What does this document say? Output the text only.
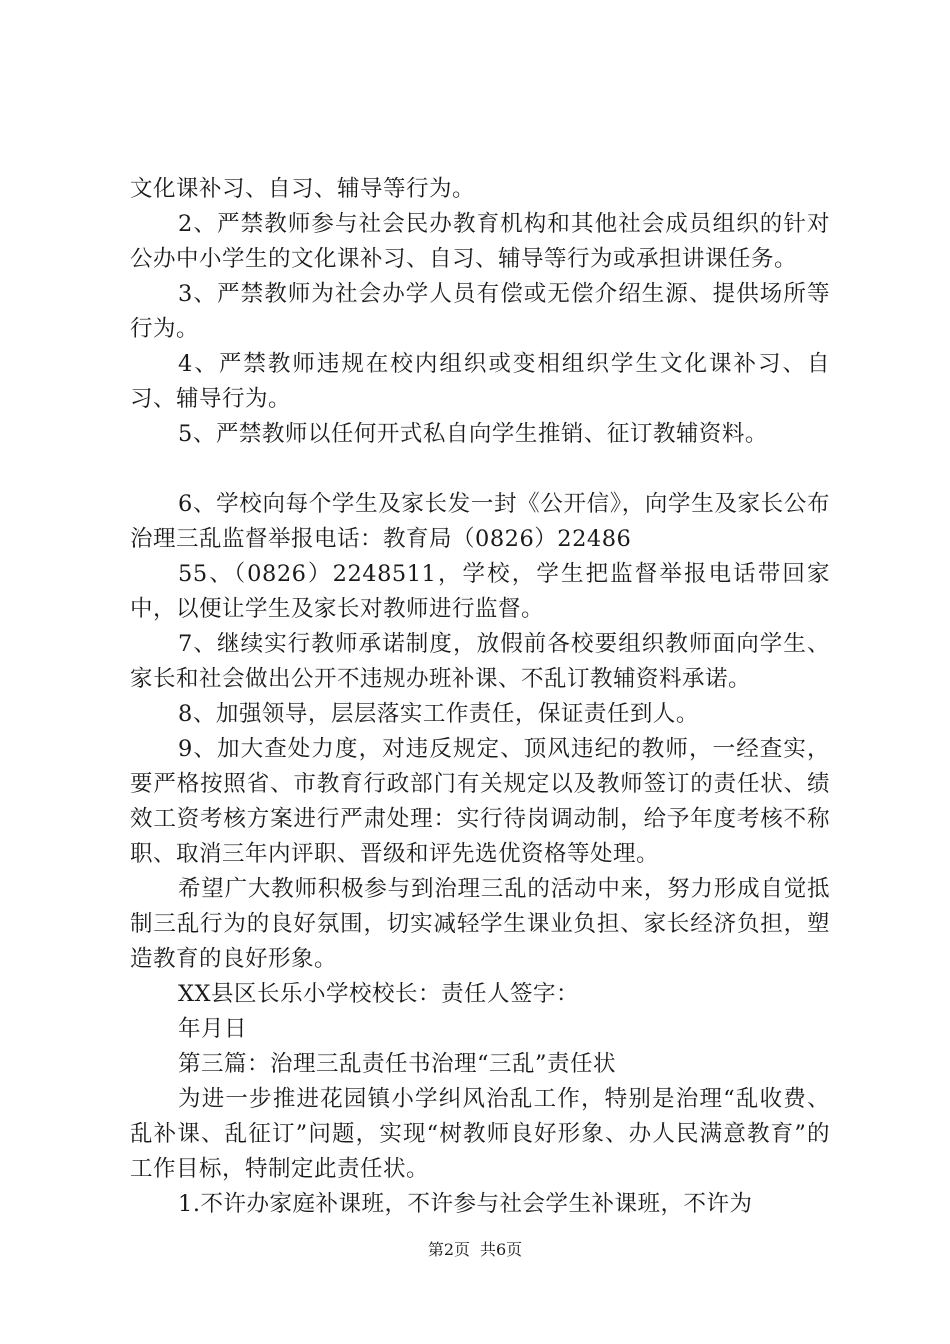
文化课补习、自习、辅导等行为。

2、严禁教师参与社会民办教育机构和其他社会成员组织的针对公办中小学生的文化课补习、自习、辅导等行为或承担讲课任务。

3、严禁教师为社会办学人员有偿或无偿介绍生源、提供场所等行为。

4、严禁教师违规在校内组织或变相组织学生文化课补习、自习、辅导行为。

5、严禁教师以任何开式私自向学生推销、征订教辅资料。

6、学校向每个学生及家长发一封《公开信》，向学生及家长公布治理三乱监督举报电话：教育局（0826）22486

55、（0826）2248511，学校，学生把监督举报电话带回家中，以便让学生及家长对教师进行监督。

7、继续实行教师承诺制度，放假前各校要组织教师面向学生、家长和社会做出公开不违规办班补课、不乱订教辅资料承诺。

8、加强领导，层层落实工作责任，保证责任到人。

9、加大查处力度，对违反规定、顶风违纪的教师，一经查实，要严格按照省、市教育行政部门有关规定以及教师签订的责任状、绩效工资考核方案进行严肃处理：实行待岗调动制，给予年度考核不称职、取消三年内评职、晋级和评先选优资格等处理。

希望广大教师积极参与到治理三乱的活动中来，努力形成自觉抵制三乱行为的良好氛围，切实减轻学生课业负担、家长经济负担，塑造教育的良好形象。

XX县区长乐小学校校长：责任人签字：

年月日

第三篇：治理三乱责任书治理“三乱”责任状

为进一步推进花园镇小学纠风治乱工作，特别是治理“乱收费、乱补课、乱征订”问题，实现“树教师良好形象、办人民满意教育”的工作目标，特制定此责任状。

1.不许办家庭补课班，不许参与社会学生补课班，不许为

第2页 共6页
